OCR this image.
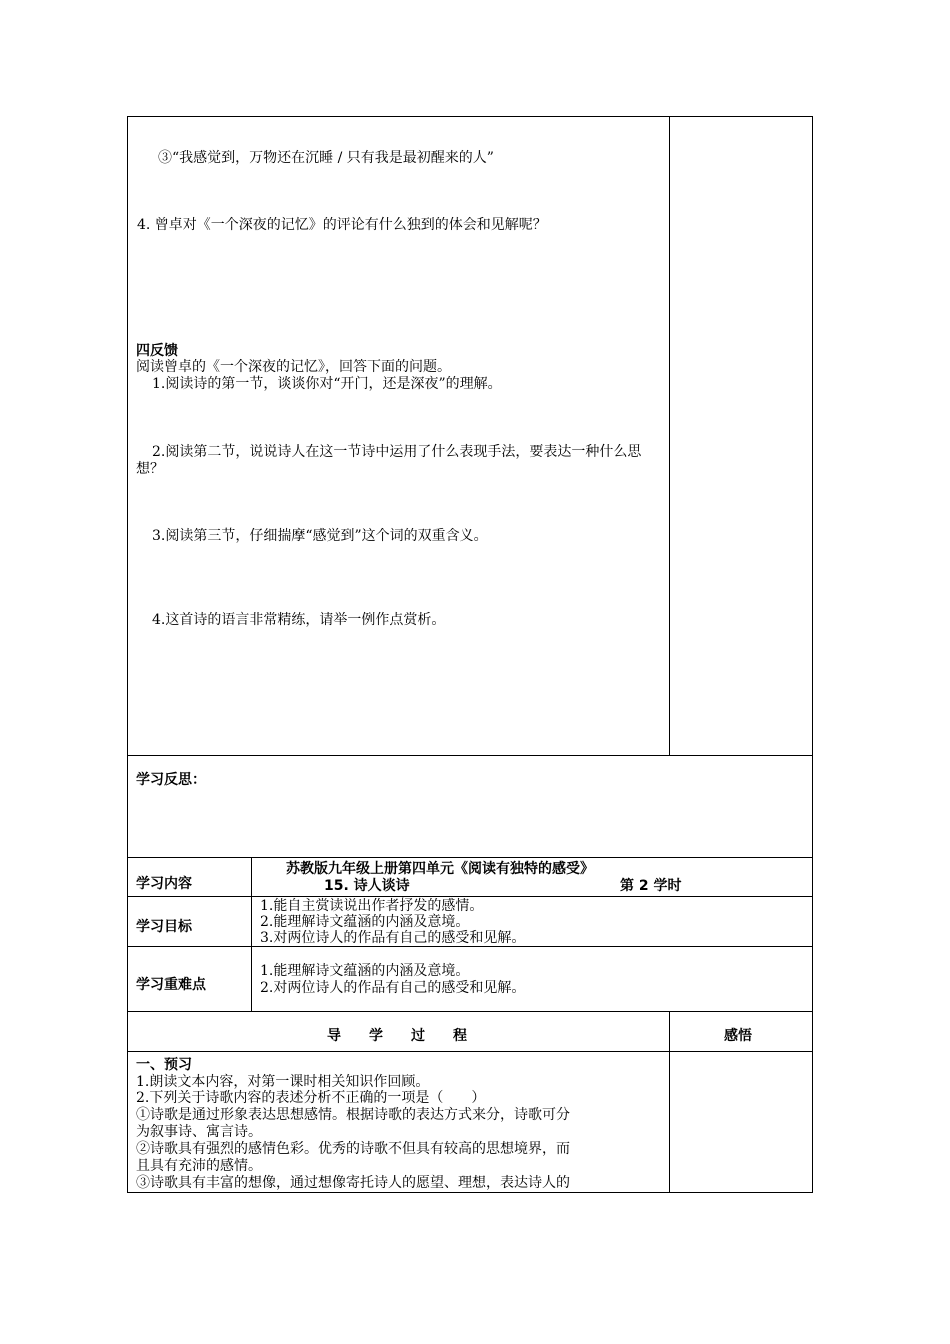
③“我感觉到，万物还在沉睡 / 只有我是最初醒来的人”
4. 曾卓对《一个深夜的记忆》的评论有什么独到的体会和见解呢？
四反馈
阅读曾卓的《一个深夜的记忆》，回答下面的问题。
1.阅读诗的第一节，谈谈你对“开门，还是深夜”的理解。
2.阅读第二节，说说诗人在这一节诗中运用了什么表现手法，要表达一种什么思想？
3.阅读第三节，仔细揣摩“感觉到”这个词的双重含义。
4.这首诗的语言非常精练，请举一例作点赏析。
学习反思：
学习内容
苏教版九年级上册第四单元《阅读有独特的感受》
15. 诗人谈诗	第 2 学时
学习目标
1.能自主赏读说出作者抒发的感情。
2.能理解诗文蕴涵的内涵及意境。
3.对两位诗人的作品有自己的感受和见解。
学习重难点
1.能理解诗文蕴涵的内涵及意境。
2.对两位诗人的作品有自己的感受和见解。
导　　学　　过　　程	感悟
一、预习
1.朗读文本内容，对第一课时相关知识作回顾。
2.下列关于诗歌内容的表述分析不正确的一项是（　　）
①诗歌是通过形象表达思想感情。根据诗歌的表达方式来分，诗歌可分
为叙事诗、寓言诗。
②诗歌具有强烈的感情色彩。优秀的诗歌不但具有较高的思想境界，而
且具有充沛的感情。
③诗歌具有丰富的想像，通过想像寄托诗人的愿望、理想，表达诗人的
